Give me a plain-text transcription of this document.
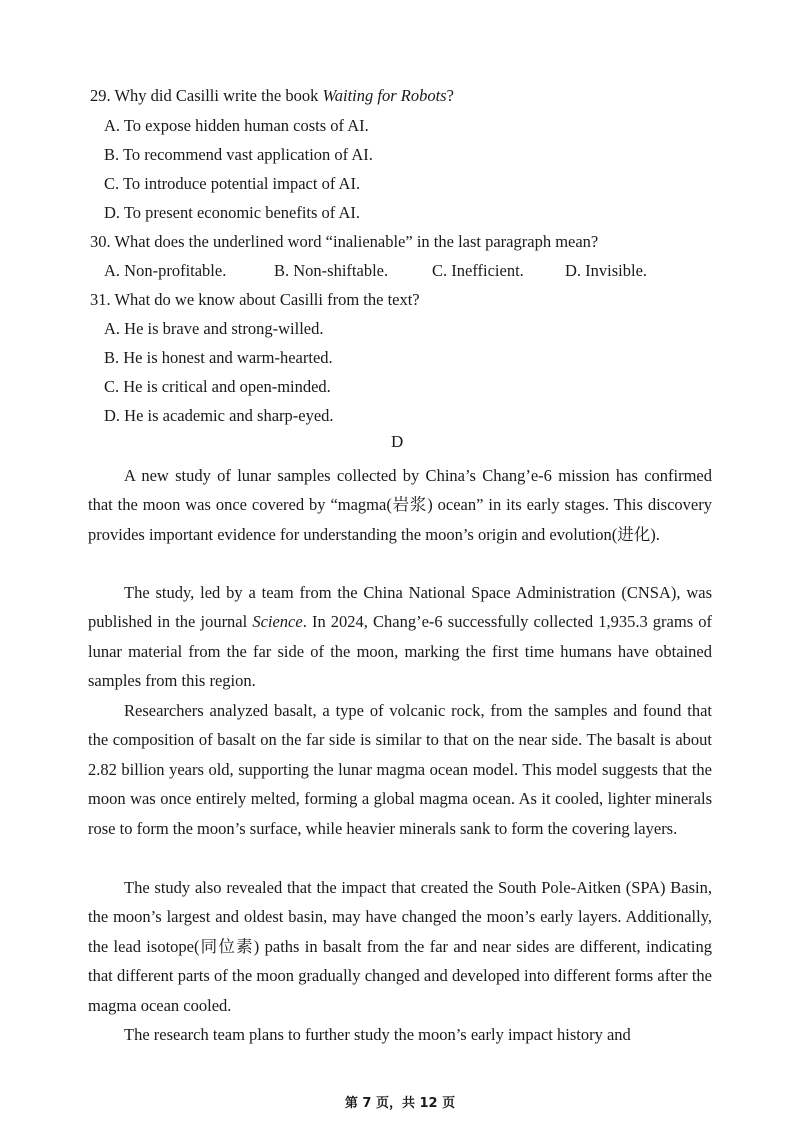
29. Why did Casilli write the book Waiting for Robots?
A. To expose hidden human costs of AI.
B. To recommend vast application of AI.
C. To introduce potential impact of AI.
D. To present economic benefits of AI.
30. What does the underlined word “inalienable” in the last paragraph mean?
A. Non-profitable.	B. Non-shiftable.	C. Inefficient. D. Invisible.
31. What do we know about Casilli from the text?
A. He is brave and strong-willed.
B. He is honest and warm-hearted.
C. He is critical and open-minded.
D. He is academic and sharp-eyed.
D
A new study of lunar samples collected by China’s Chang’e-6 mission has confirmed that the moon was once covered by “magma(岩浆) ocean” in its early stages. This discovery provides important evidence for understanding the moon’s origin and evolution(进化).
The study, led by a team from the China National Space Administration (CNSA), was published in the journal Science. In 2024, Chang’e-6 successfully collected 1,935.3 grams of lunar material from the far side of the moon, marking the first time humans have obtained samples from this region.
Researchers analyzed basalt, a type of volcanic rock, from the samples and found that the composition of basalt on the far side is similar to that on the near side. The basalt is about 2.82 billion years old, supporting the lunar magma ocean model. This model suggests that the moon was once entirely melted, forming a global magma ocean. As it cooled, lighter minerals rose to form the moon’s surface, while heavier minerals sank to form the covering layers.
The study also revealed that the impact that created the South Pole-Aitken (SPA) Basin, the moon’s largest and oldest basin, may have changed the moon’s early layers. Additionally, the lead isotope(同位素) paths in basalt from the far and near sides are different, indicating that different parts of the moon gradually changed and developed into different forms after the magma ocean cooled.
The research team plans to further study the moon’s early impact history and
第 7 页，共 12 页
